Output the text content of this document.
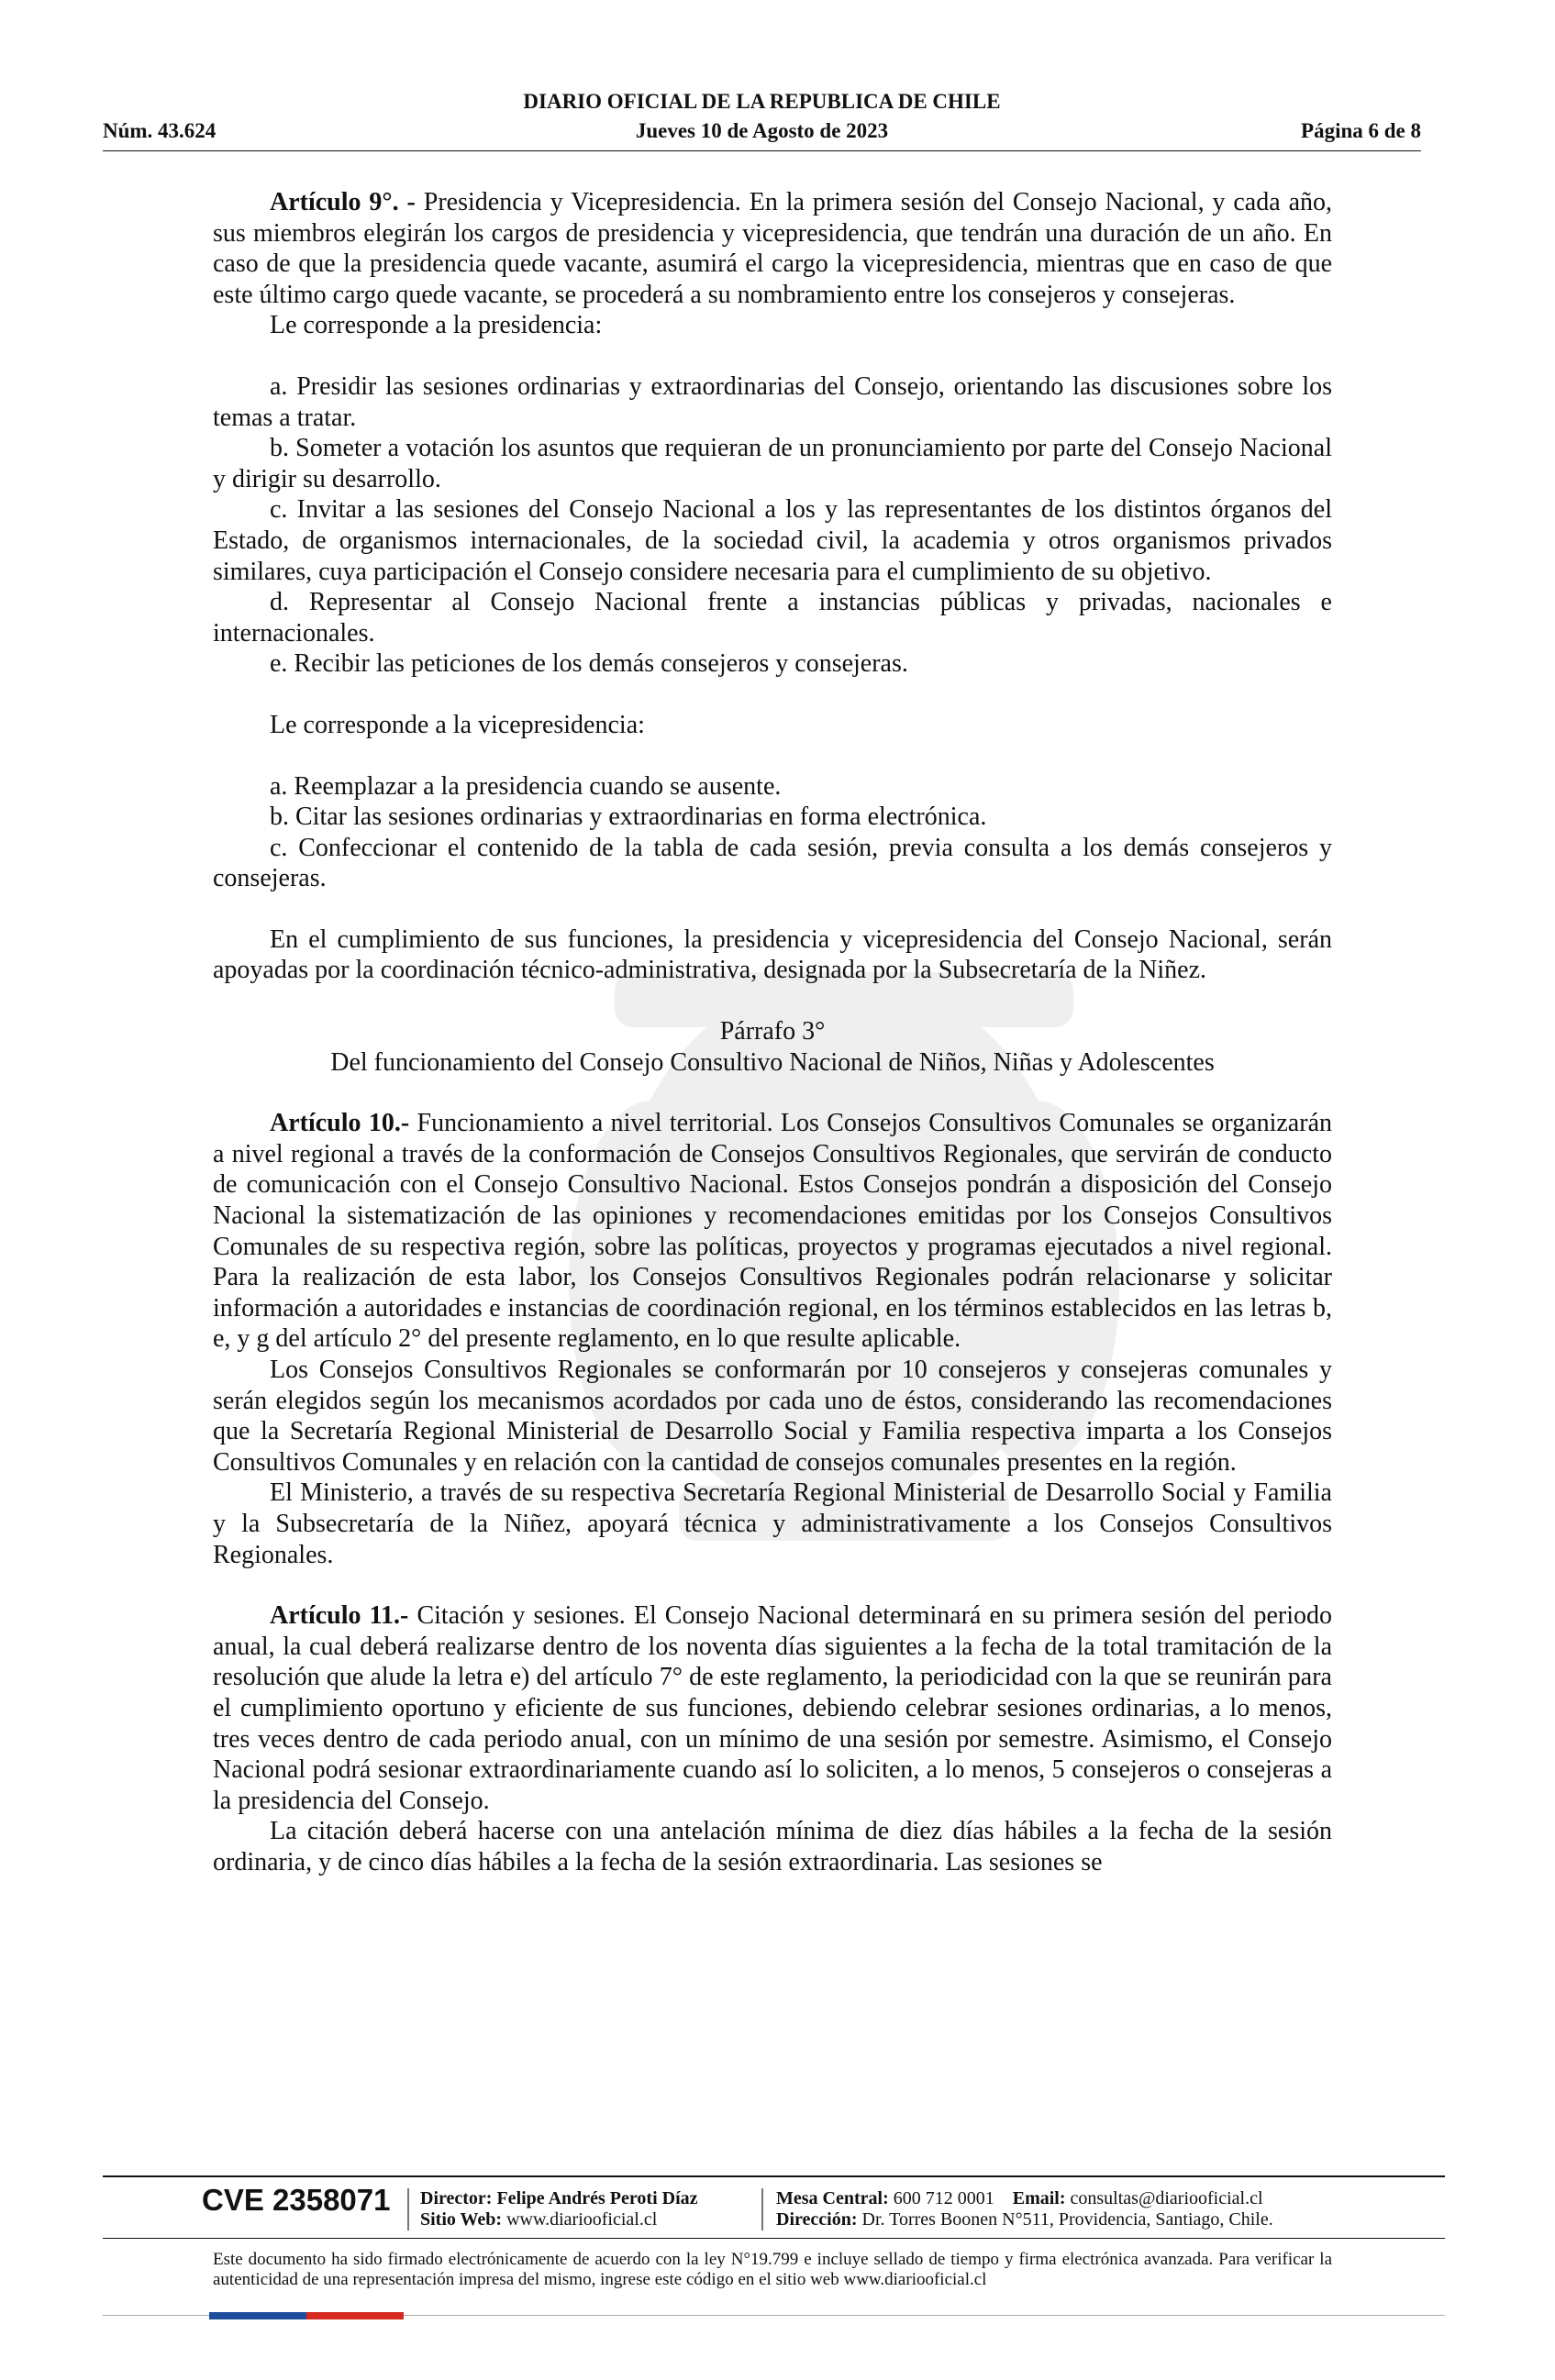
DIARIO OFICIAL DE LA REPUBLICA DE CHILE
Núm. 43.624	Jueves 10 de Agosto de 2023	Página 6 de 8

Artículo 9°. - Presidencia y Vicepresidencia. En la primera sesión del Consejo Nacional, y cada año, sus miembros elegirán los cargos de presidencia y vicepresidencia, que tendrán una duración de un año. En caso de que la presidencia quede vacante, asumirá el cargo la vicepresidencia, mientras que en caso de que este último cargo quede vacante, se procederá a su nombramiento entre los consejeros y consejeras.

Le corresponde a la presidencia:

a. Presidir las sesiones ordinarias y extraordinarias del Consejo, orientando las discusiones sobre los temas a tratar.

b. Someter a votación los asuntos que requieran de un pronunciamiento por parte del Consejo Nacional y dirigir su desarrollo.

c. Invitar a las sesiones del Consejo Nacional a los y las representantes de los distintos órganos del Estado, de organismos internacionales, de la sociedad civil, la academia y otros organismos privados similares, cuya participación el Consejo considere necesaria para el cumplimiento de su objetivo.

d. Representar al Consejo Nacional frente a instancias públicas y privadas, nacionales e internacionales.

e. Recibir las peticiones de los demás consejeros y consejeras.

Le corresponde a la vicepresidencia:

a. Reemplazar a la presidencia cuando se ausente.

b. Citar las sesiones ordinarias y extraordinarias en forma electrónica.

c. Confeccionar el contenido de la tabla de cada sesión, previa consulta a los demás consejeros y consejeras.

En el cumplimiento de sus funciones, la presidencia y vicepresidencia del Consejo Nacional, serán apoyadas por la coordinación técnico-administrativa, designada por la Subsecretaría de la Niñez.

Párrafo 3°

Del funcionamiento del Consejo Consultivo Nacional de Niños, Niñas y Adolescentes

Artículo 10.- Funcionamiento a nivel territorial. Los Consejos Consultivos Comunales se organizarán a nivel regional a través de la conformación de Consejos Consultivos Regionales, que servirán de conducto de comunicación con el Consejo Consultivo Nacional. Estos Consejos pondrán a disposición del Consejo Nacional la sistematización de las opiniones y recomendaciones emitidas por los Consejos Consultivos Comunales de su respectiva región, sobre las políticas, proyectos y programas ejecutados a nivel regional. Para la realización de esta labor, los Consejos Consultivos Regionales podrán relacionarse y solicitar información a autoridades e instancias de coordinación regional, en los términos establecidos en las letras b, e, y g del artículo 2° del presente reglamento, en lo que resulte aplicable.

Los Consejos Consultivos Regionales se conformarán por 10 consejeros y consejeras comunales y serán elegidos según los mecanismos acordados por cada uno de éstos, considerando las recomendaciones que la Secretaría Regional Ministerial de Desarrollo Social y Familia respectiva imparta a los Consejos Consultivos Comunales y en relación con la cantidad de consejos comunales presentes en la región.

El Ministerio, a través de su respectiva Secretaría Regional Ministerial de Desarrollo Social y Familia y la Subsecretaría de la Niñez, apoyará técnica y administrativamente a los Consejos Consultivos Regionales.

Artículo 11.- Citación y sesiones. El Consejo Nacional determinará en su primera sesión del periodo anual, la cual deberá realizarse dentro de los noventa días siguientes a la fecha de la total tramitación de la resolución que alude la letra e) del artículo 7° de este reglamento, la periodicidad con la que se reunirán para el cumplimiento oportuno y eficiente de sus funciones, debiendo celebrar sesiones ordinarias, a lo menos, tres veces dentro de cada periodo anual, con un mínimo de una sesión por semestre. Asimismo, el Consejo Nacional podrá sesionar extraordinariamente cuando así lo soliciten, a lo menos, 5 consejeros o consejeras a la presidencia del Consejo.

La citación deberá hacerse con una antelación mínima de diez días hábiles a la fecha de la sesión ordinaria, y de cinco días hábiles a la fecha de la sesión extraordinaria. Las sesiones se

CVE 2358071 Director: Felipe Andrés Peroti Díaz
Sitio Web: www.diariooficial.cl
Mesa Central: 600 712 0001 Email: consultas@diariooficial.cl
Dirección: Dr. Torres Boonen N°511, Providencia, Santiago, Chile.
Este documento ha sido firmado electrónicamente de acuerdo con la ley N°19.799 e incluye sellado de tiempo y firma electrónica avanzada. Para verificar la autenticidad de una representación impresa del mismo, ingrese este código en el sitio web www.diariooficial.cl
